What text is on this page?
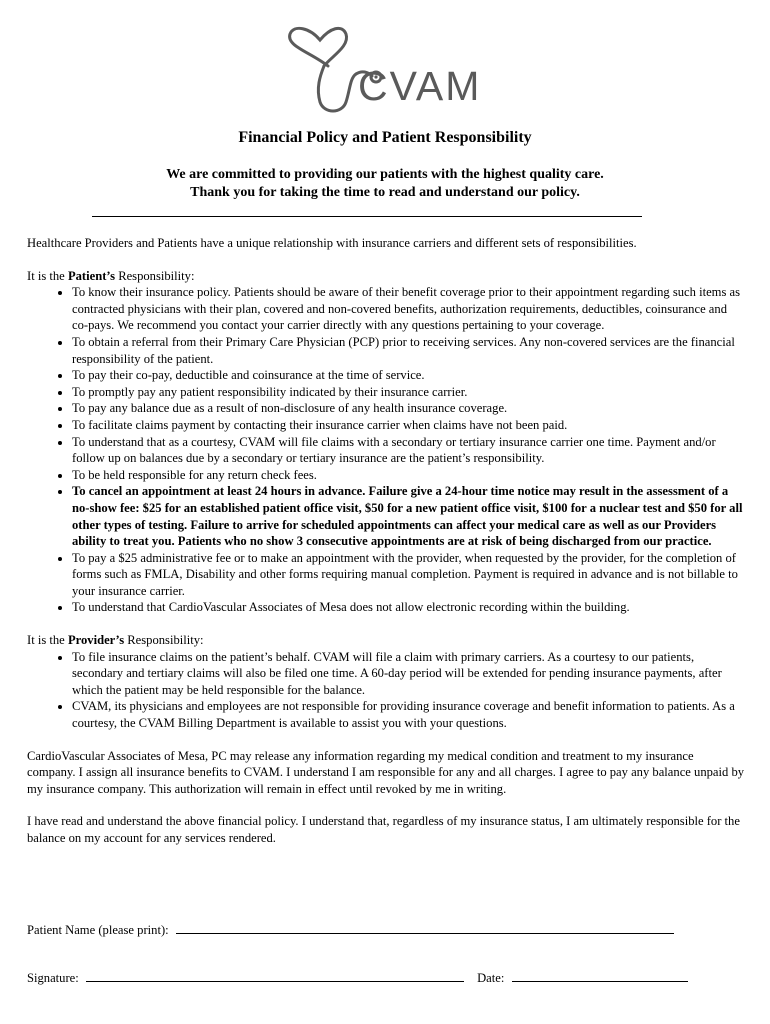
CVAM
Financial Policy and Patient Responsibility
We are committed to providing our patients with the highest quality care.
Thank you for taking the time to read and understand our policy.

Healthcare Providers and Patients have a unique relationship with insurance carriers and different sets of responsibilities.

It is the Patient’s Responsibility:
• To know their insurance policy. Patients should be aware of their benefit coverage prior to their appointment regarding such items as contracted physicians with their plan, covered and non-covered benefits, authorization requirements, deductibles, coinsurance and co-pays. We recommend you contact your carrier directly with any questions pertaining to your coverage.
• To obtain a referral from their Primary Care Physician (PCP) prior to receiving services. Any non-covered services are the financial responsibility of the patient.
• To pay their co-pay, deductible and coinsurance at the time of service.
• To promptly pay any patient responsibility indicated by their insurance carrier.
• To pay any balance due as a result of non-disclosure of any health insurance coverage.
• To facilitate claims payment by contacting their insurance carrier when claims have not been paid.
• To understand that as a courtesy, CVAM will file claims with a secondary or tertiary insurance carrier one time. Payment and/or follow up on balances due by a secondary or tertiary insurance are the patient’s responsibility.
• To be held responsible for any return check fees.
• To cancel an appointment at least 24 hours in advance. Failure give a 24-hour time notice may result in the assessment of a no-show fee: $25 for an established patient office visit, $50 for a new patient office visit, $100 for a nuclear test and $50 for all other types of testing. Failure to arrive for scheduled appointments can affect your medical care as well as our Providers ability to treat you. Patients who no show 3 consecutive appointments are at risk of being discharged from our practice.
• To pay a $25 administrative fee or to make an appointment with the provider, when requested by the provider, for the completion of forms such as FMLA, Disability and other forms requiring manual completion. Payment is required in advance and is not billable to your insurance carrier.
• To understand that CardioVascular Associates of Mesa does not allow electronic recording within the building.
It is the Provider’s Responsibility:
• To file insurance claims on the patient’s behalf. CVAM will file a claim with primary carriers. As a courtesy to our patients, secondary and tertiary claims will also be filed one time. A 60-day period will be extended for pending insurance payments, after which the patient may be held responsible for the balance.
• CVAM, its physicians and employees are not responsible for providing insurance coverage and benefit information to patients. As a courtesy, the CVAM Billing Department is available to assist you with your questions.

CardioVascular Associates of Mesa, PC may release any information regarding my medical condition and treatment to my insurance company. I assign all insurance benefits to CVAM. I understand I am responsible for any and all charges. I agree to pay any balance unpaid by my insurance company. This authorization will remain in effect until revoked by me in writing.

I have read and understand the above financial policy. I understand that, regardless of my insurance status, I am ultimately responsible for the balance on my account for any services rendered.

Patient Name (please print):
Signature:	Date:
